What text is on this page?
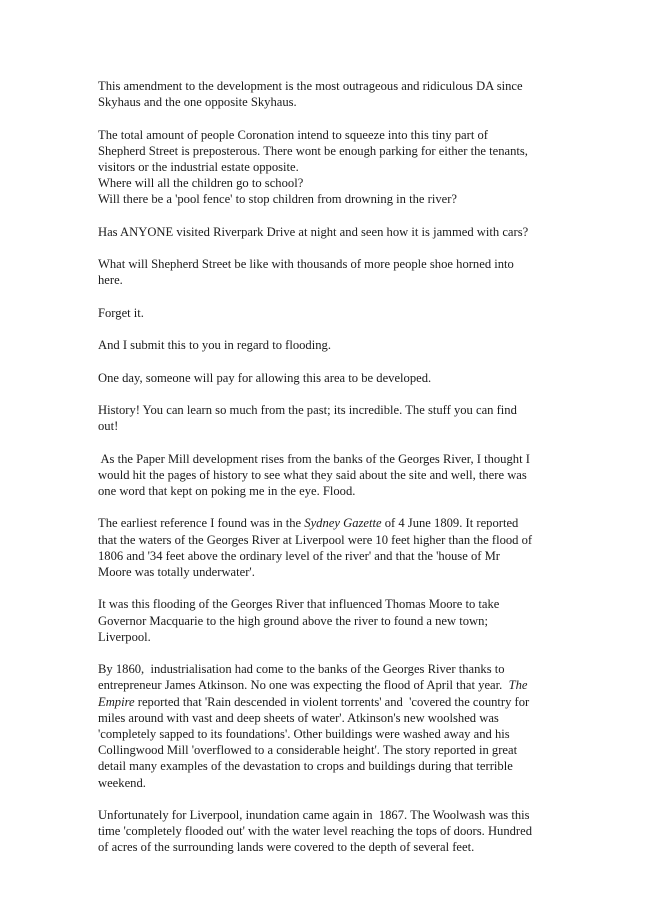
This amendment to the development is the most outrageous and ridiculous DA since
Skyhaus and the one opposite Skyhaus.

The total amount of people Coronation intend to squeeze into this tiny part of
Shepherd Street is preposterous. There wont be enough parking for either the tenants,
visitors or the industrial estate opposite.
Where will all the children go to school?
Will there be a 'pool fence' to stop children from drowning in the river?

Has ANYONE visited Riverpark Drive at night and seen how it is jammed with cars?

What will Shepherd Street be like with thousands of more people shoe horned into
here.

Forget it.

And I submit this to you in regard to flooding.

One day, someone will pay for allowing this area to be developed.

History! You can learn so much from the past; its incredible. The stuff you can find
out!

As the Paper Mill development rises from the banks of the Georges River, I thought I
would hit the pages of history to see what they said about the site and well, there was
one word that kept on poking me in the eye. Flood.

The earliest reference I found was in the Sydney Gazette of 4 June 1809. It reported
that the waters of the Georges River at Liverpool were 10 feet higher than the flood of
1806 and '34 feet above the ordinary level of the river' and that the 'house of Mr
Moore was totally underwater'.

It was this flooding of the Georges River that influenced Thomas Moore to take
Governor Macquarie to the high ground above the river to found a new town;
Liverpool.

By 1860,  industrialisation had come to the banks of the Georges River thanks to
entrepreneur James Atkinson. No one was expecting the flood of April that year.  The
Empire reported that 'Rain descended in violent torrents' and  'covered the country for
miles around with vast and deep sheets of water'. Atkinson's new woolshed was
'completely sapped to its foundations'. Other buildings were washed away and his
Collingwood Mill 'overflowed to a considerable height'. The story reported in great
detail many examples of the devastation to crops and buildings during that terrible
weekend.

Unfortunately for Liverpool, inundation came again in  1867. The Woolwash was this
time 'completely flooded out' with the water level reaching the tops of doors. Hundred
of acres of the surrounding lands were covered to the depth of several feet.
